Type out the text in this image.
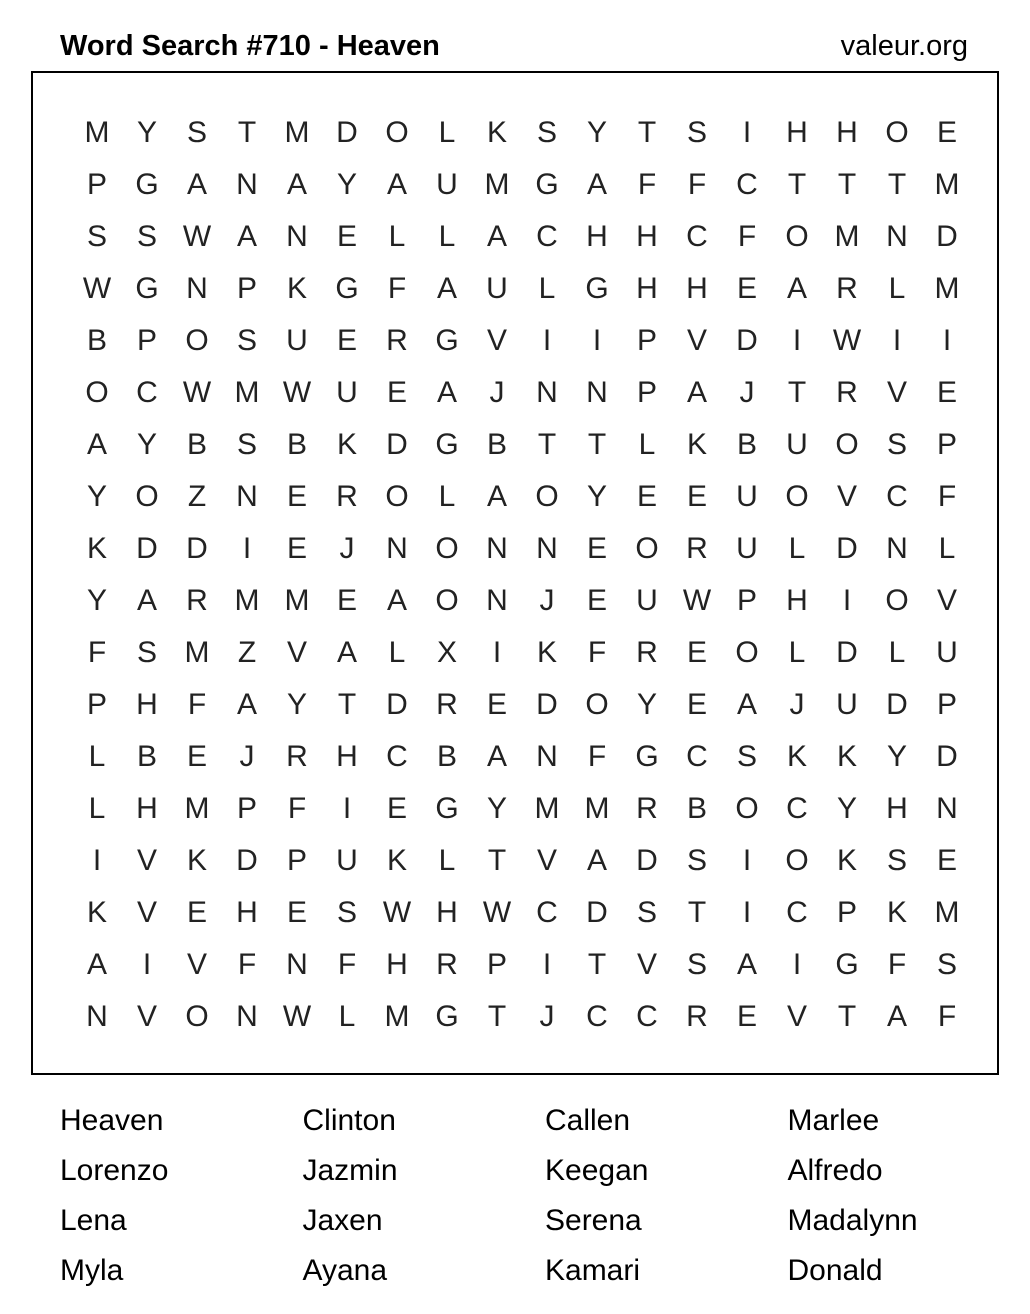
Word Search #710 - Heaven	valeur.org
M Y S	T M D O L	K S Y	T	S	I	H H O E
P G A N A Y A U M G A	F	F	C	T	T	T M
S S W A N E	L	L	A C H H C	F O M N D
W G N P K G F	A U	L G H H E A R	L M
B P O S U E R G V	I	I	P V D	I	W	I	I
O C W M W U E A	J	N N P A	J	T	R V E
A Y B S B K D G B	T	T	L	K B U O S P
Y O Z	N E R O L	A O Y E E U O V C	F
K D D	I	E	J	N O N N E O R U	L	D N	L
Y A R M M E A O N	J	E U W P H	I	O V
F	S M Z	V A	L	X	I	K	F	R E O L	D	L	U
P H	F	A Y	T	D R E D O Y E A	J	U D P
L	B E	J	R H C B A N	F G C S K K Y D
L	H M P	F	I	E G Y M M R B O C Y H N
I	V K D P U K	L	T	V A D S	I	O K S E
K V E H E S W H W C D S	T	I	C P K M
A	I	V	F	N	F	H R P	I	T	V S A	I	G F	S
N V O N W L M G T	J	C C R E V	T	A	F
Heaven	Clinton	Callen	Marlee
Lorenzo	Jazmin	Keegan	Alfredo
Lena	Jaxen	Serena	Madalynn
Myla	Ayana	Kamari	Donald
